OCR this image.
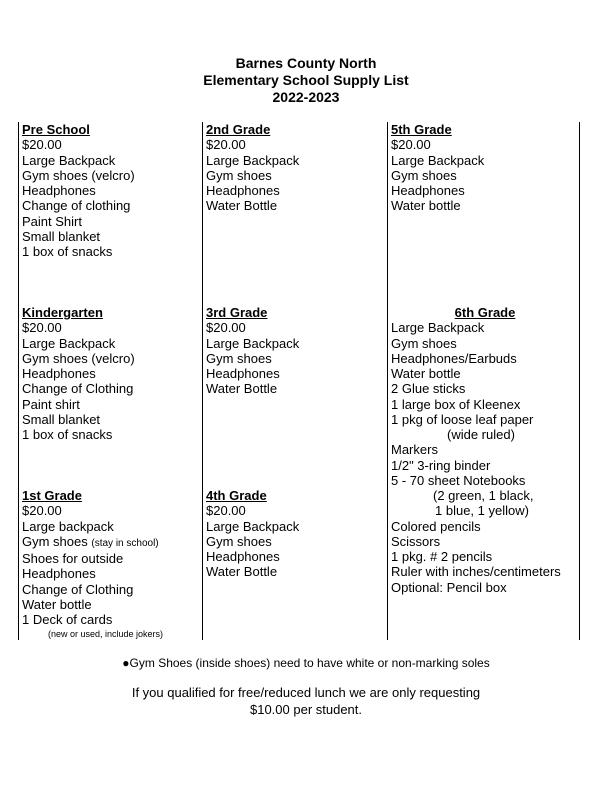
Barnes County North
Elementary School Supply List
2022-2023
Pre School
$20.00
Large Backpack
Gym shoes (velcro)
Headphones
Change of clothing
Paint Shirt
Small blanket
1 box of snacks
2nd Grade
$20.00
Large Backpack
Gym shoes
Headphones
Water Bottle
5th Grade
$20.00
Large Backpack
Gym shoes
Headphones
Water bottle
Kindergarten
$20.00
Large Backpack
Gym shoes (velcro)
Headphones
Change of Clothing
Paint shirt
Small blanket
1 box of snacks
3rd Grade
$20.00
Large Backpack
Gym shoes
Headphones
Water Bottle
6th Grade
Large Backpack
Gym shoes
Headphones/Earbuds
Water bottle
2 Glue sticks
1 large box of Kleenex
1 pkg of loose leaf paper
(wide ruled)
Markers
1/2" 3-ring binder
5 - 70 sheet Notebooks
(2 green, 1 black,
1 blue, 1 yellow)
Colored pencils
Scissors
1 pkg. # 2 pencils
Ruler with inches/centimeters
Optional: Pencil box
1st Grade
$20.00
Large backpack
Gym shoes (stay in school)
Shoes for outside
Headphones
Change of Clothing
Water bottle
1 Deck of cards
(new or used, include jokers)
4th Grade
$20.00
Large Backpack
Gym shoes
Headphones
Water Bottle
●Gym Shoes (inside shoes) need to have white or non-marking soles
If you qualified for free/reduced lunch we are only requesting
$10.00 per student.
